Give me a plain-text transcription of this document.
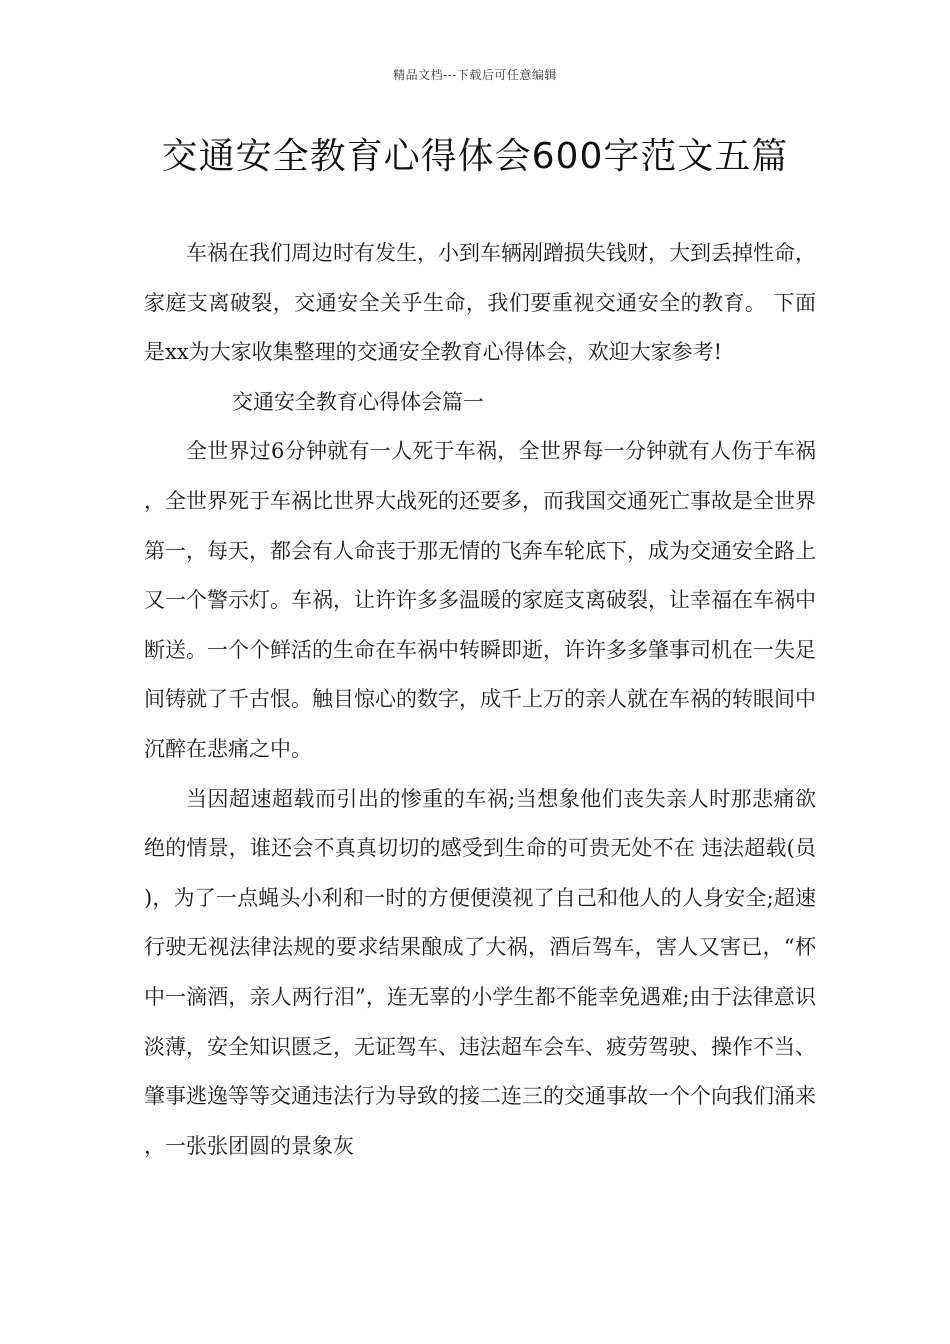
精品文档---下载后可任意编辑
交通安全教育心得体会600字范文五篇

车祸在我们周边时有发生，小到车辆剐蹭损失钱财，大到丢掉性命，家庭支离破裂，交通安全关乎生命，我们要重视交通安全的教育。 下面是xx为大家收集整理的交通安全教育心得体会，欢迎大家参考!

交通安全教育心得体会篇一

全世界过6分钟就有一人死于车祸，全世界每一分钟就有人伤于车祸，全世界死于车祸比世界大战死的还要多，而我国交通死亡事故是全世界第一，每天，都会有人命丧于那无情的飞奔车轮底下，成为交通安全路上又一个警示灯。车祸，让许许多多温暖的家庭支离破裂，让幸福在车祸中断送。一个个鲜活的生命在车祸中转瞬即逝，许许多多肇事司机在一失足间铸就了千古恨。触目惊心的数字，成千上万的亲人就在车祸的转眼间中沉醉在悲痛之中。

当因超速超载而引出的惨重的车祸;当想象他们丧失亲人时那悲痛欲绝的情景，谁还会不真真切切的感受到生命的可贵无处不在 违法超载(员)，为了一点蝇头小利和一时的方便便漠视了自己和他人的人身安全;超速行驶无视法律法规的要求结果酿成了大祸，酒后驾车，害人又害已，“杯中一滴酒，亲人两行泪”，连无辜的小学生都不能幸免遇难;由于法律意识淡薄，安全知识匮乏，无证驾车、违法超车会车、疲劳驾驶、操作不当、肇事逃逸等等交通违法行为导致的接二连三的交通事故一个个向我们涌来，一张张团圆的景象灰
